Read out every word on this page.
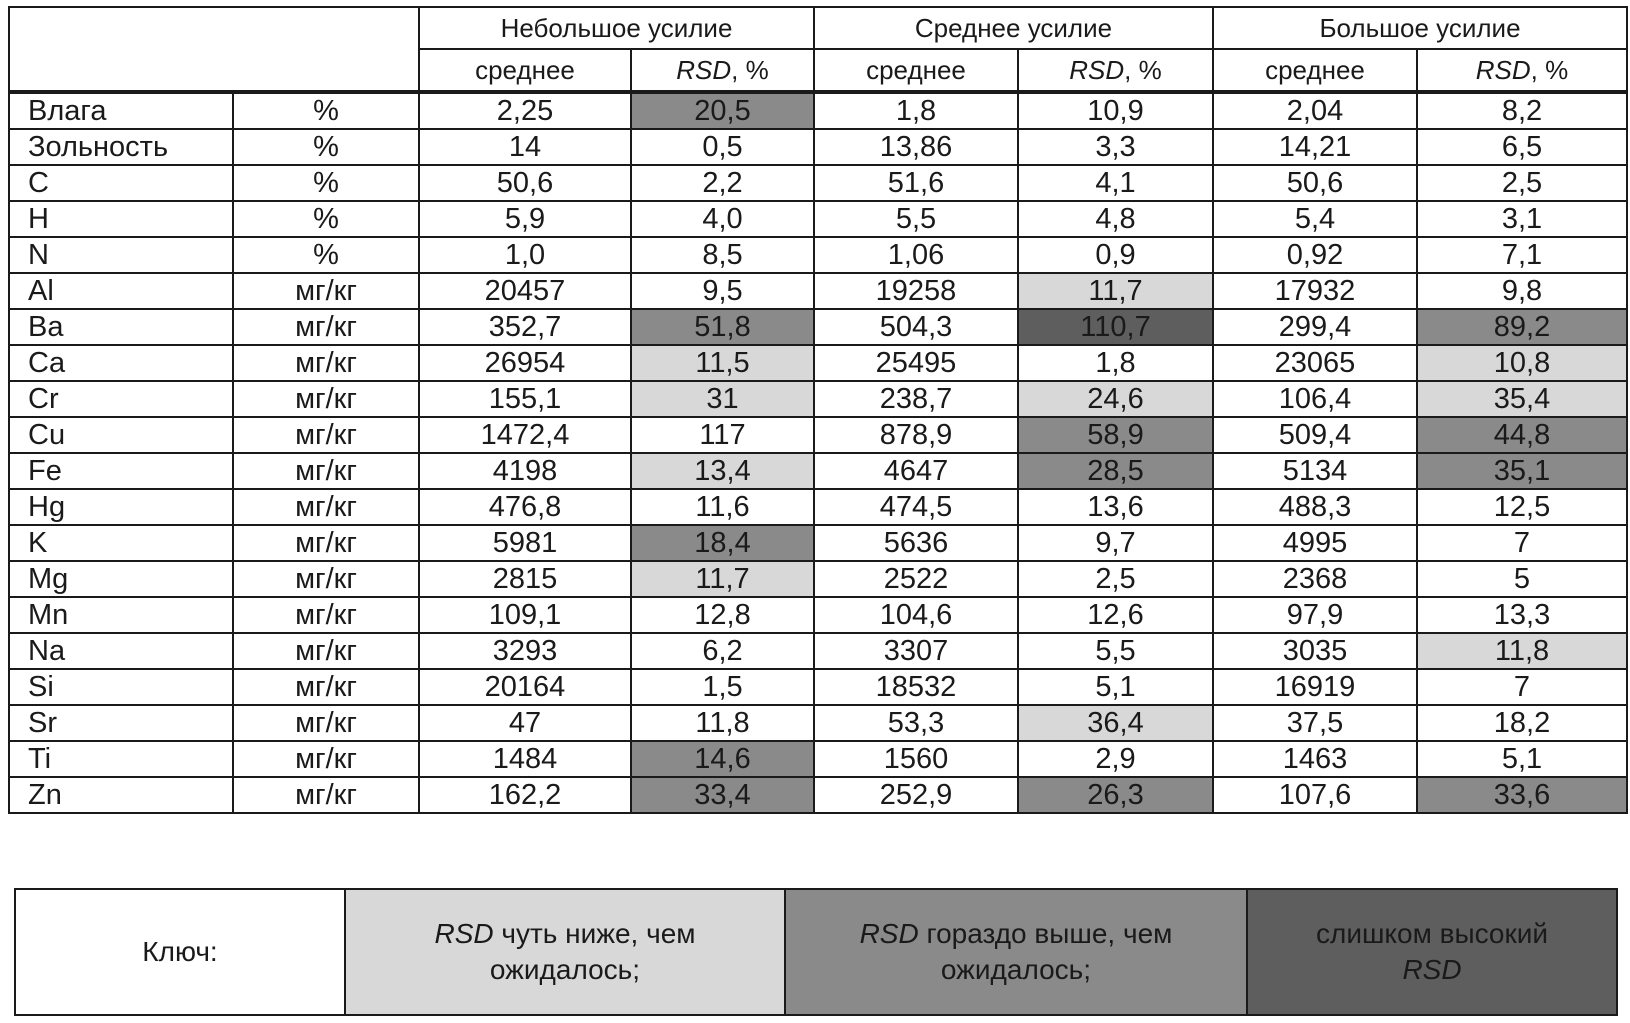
		Небольшое усилие		Среднее усилие		Большое усилие	
		среднее	RSD, %	среднее	RSD, %	среднее	RSD, %
Влага	%	2,25	20,5	1,8	10,9	2,04	8,2
Зольность	%	14	0,5	13,86	3,3	14,21	6,5
C	%	50,6	2,2	51,6	4,1	50,6	2,5
H	%	5,9	4,0	5,5	4,8	5,4	3,1
N	%	1,0	8,5	1,06	0,9	0,92	7,1
Al	мг/кг	20457	9,5	19258	11,7	17932	9,8
Ba	мг/кг	352,7	51,8	504,3	110,7	299,4	89,2
Ca	мг/кг	26954	11,5	25495	1,8	23065	10,8
Cr	мг/кг	155,1	31	238,7	24,6	106,4	35,4
Cu	мг/кг	1472,4	117	878,9	58,9	509,4	44,8
Fe	мг/кг	4198	13,4	4647	28,5	5134	35,1
Hg	мг/кг	476,8	11,6	474,5	13,6	488,3	12,5
K	мг/кг	5981	18,4	5636	9,7	4995	7
Mg	мг/кг	2815	11,7	2522	2,5	2368	5
Mn	мг/кг	109,1	12,8	104,6	12,6	97,9	13,3
Na	мг/кг	3293	6,2	3307	5,5	3035	11,8
Si	мг/кг	20164	1,5	18532	5,1	16919	7
Sr	мг/кг	47	11,8	53,3	36,4	37,5	18,2
Ti	мг/кг	1484	14,6	1560	2,9	1463	5,1
Zn	мг/кг	162,2	33,4	252,9	26,3	107,6	33,6
Ключ:
RSD чуть ниже, чем
ожидалось;
RSD гораздо выше, чем
ожидалось;
слишком высокий
RSD
